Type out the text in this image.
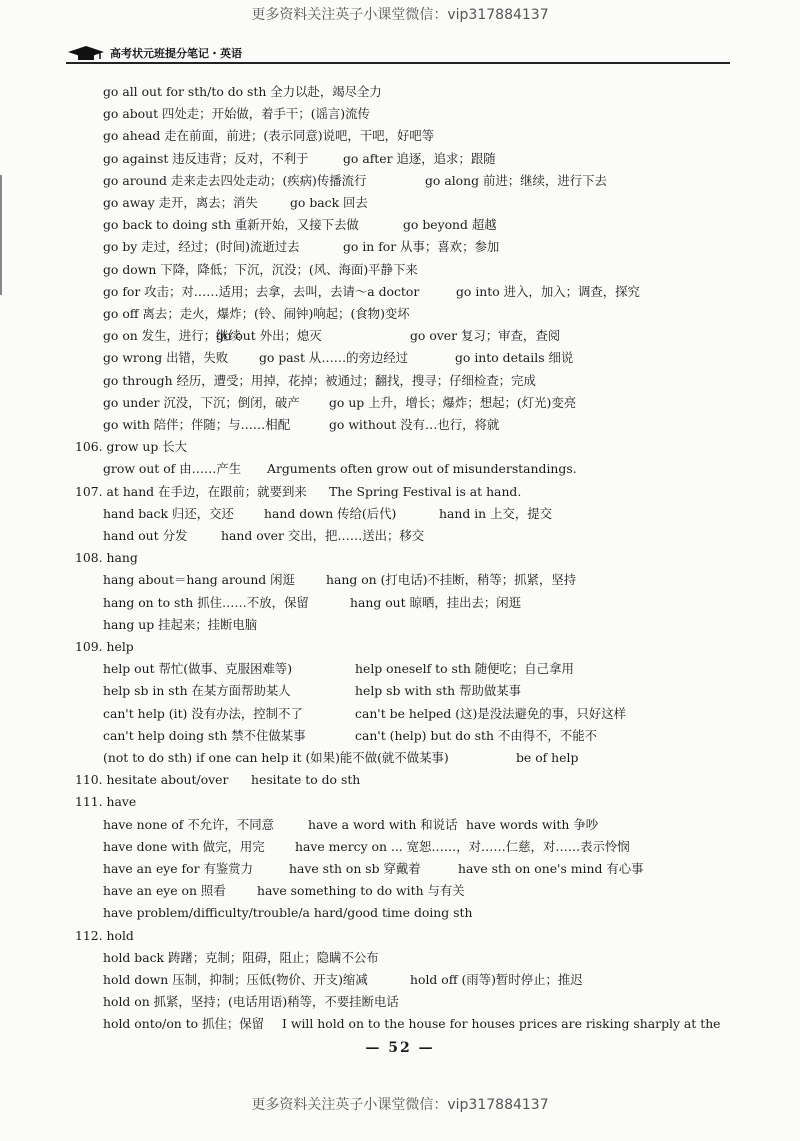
更多资料关注英子小课堂微信：vip317884137
高考状元班提分笔记・英语
go all out for sth/to do sth 全力以赴，竭尽全力
go about 四处走；开始做，着手干；(谣言)流传
go ahead 走在前面，前进；(表示同意)说吧，干吧，好吧等
go against 违反违背；反对，不利于	go after 追逐，追求；跟随
go around 走来走去四处走动；(疾病)传播流行	go along 前进；继续，进行下去
go away 走开，离去；消失	go back 回去
go back to doing sth 重新开始，又接下去做	go beyond 超越
go by 走过，经过；(时间)流逝过去	go in for 从事；喜欢；参加
go down 下降，降低；下沉，沉没；(风、海面)平静下来
go for 攻击；对……适用；去拿，去叫，去请～a doctor	go into 进入，加入；调查，探究
go off 离去；走火，爆炸；(铃、闹钟)响起；(食物)变坏
go on 发生，进行；继续
go out 外出；熄灭	go over 复习；审查，查阅
go wrong 出错，失败 go past 从……的旁边经过	go into details 细说
go through 经历，遭受；用掉，花掉；被通过；翻找，搜寻；仔细检查；完成
go under 沉没，下沉；倒闭，破产 go up 上升，增长；爆炸；想起；(灯光)变亮
go with 陪伴；伴随；与……相配	go without 没有…也行，将就
106. grow up 长大
grow out of 由……产生 Arguments often grow out of misunderstandings.
107. at hand 在手边，在跟前；就要到来 The Spring Festival is at hand.
hand back 归还，交还 hand down 传给(后代)	hand in 上交，提交
hand out 分发	hand over 交出，把……送出；移交
108. hang
hang about＝hang around 闲逛	hang on (打电话)不挂断，稍等；抓紧，坚持
hang on to sth 抓住……不放，保留	hang out 晾晒，挂出去；闲逛
hang up 挂起来；挂断电脑
109. help
help out 帮忙(做事、克服困难等)	help oneself to sth 随便吃；自己拿用
help sb in sth 在某方面帮助某人	help sb with sth 帮助做某事
can't help (it) 没有办法，控制不了	can't be helped (这)是没法避免的事，只好这样
can't help doing sth 禁不住做某事	can't (help) but do sth 不由得不，不能不
(not to do sth) if one can help it (如果)能不做(就不做某事)	be of help
110. hesitate about/over hesitate to do sth
111. have
have none of 不允许，不同意	have a word with 和说话 have words with 争吵
have done with 做完，用完 have mercy on ... 宽恕……，对……仁慈，对……表示怜悯
have an eye for 有鉴赏力	have sth on sb 穿戴着	have sth on one's mind 有心事
have an eye on 照看	have something to do with 与有关
have problem/difficulty/trouble/a hard/good time doing sth
112. hold
hold back 踌躇；克制；阻碍，阻止；隐瞒不公布
hold down 压制，抑制；压低(物价、开支)缩减	hold off (雨等)暂时停止；推迟
hold on 抓紧，坚持；(电话用语)稍等，不要挂断电话
hold onto/on to 抓住；保留 I will hold on to the house for houses prices are risking sharply at the
— 52 —
更多资料关注英子小课堂微信：vip317884137
